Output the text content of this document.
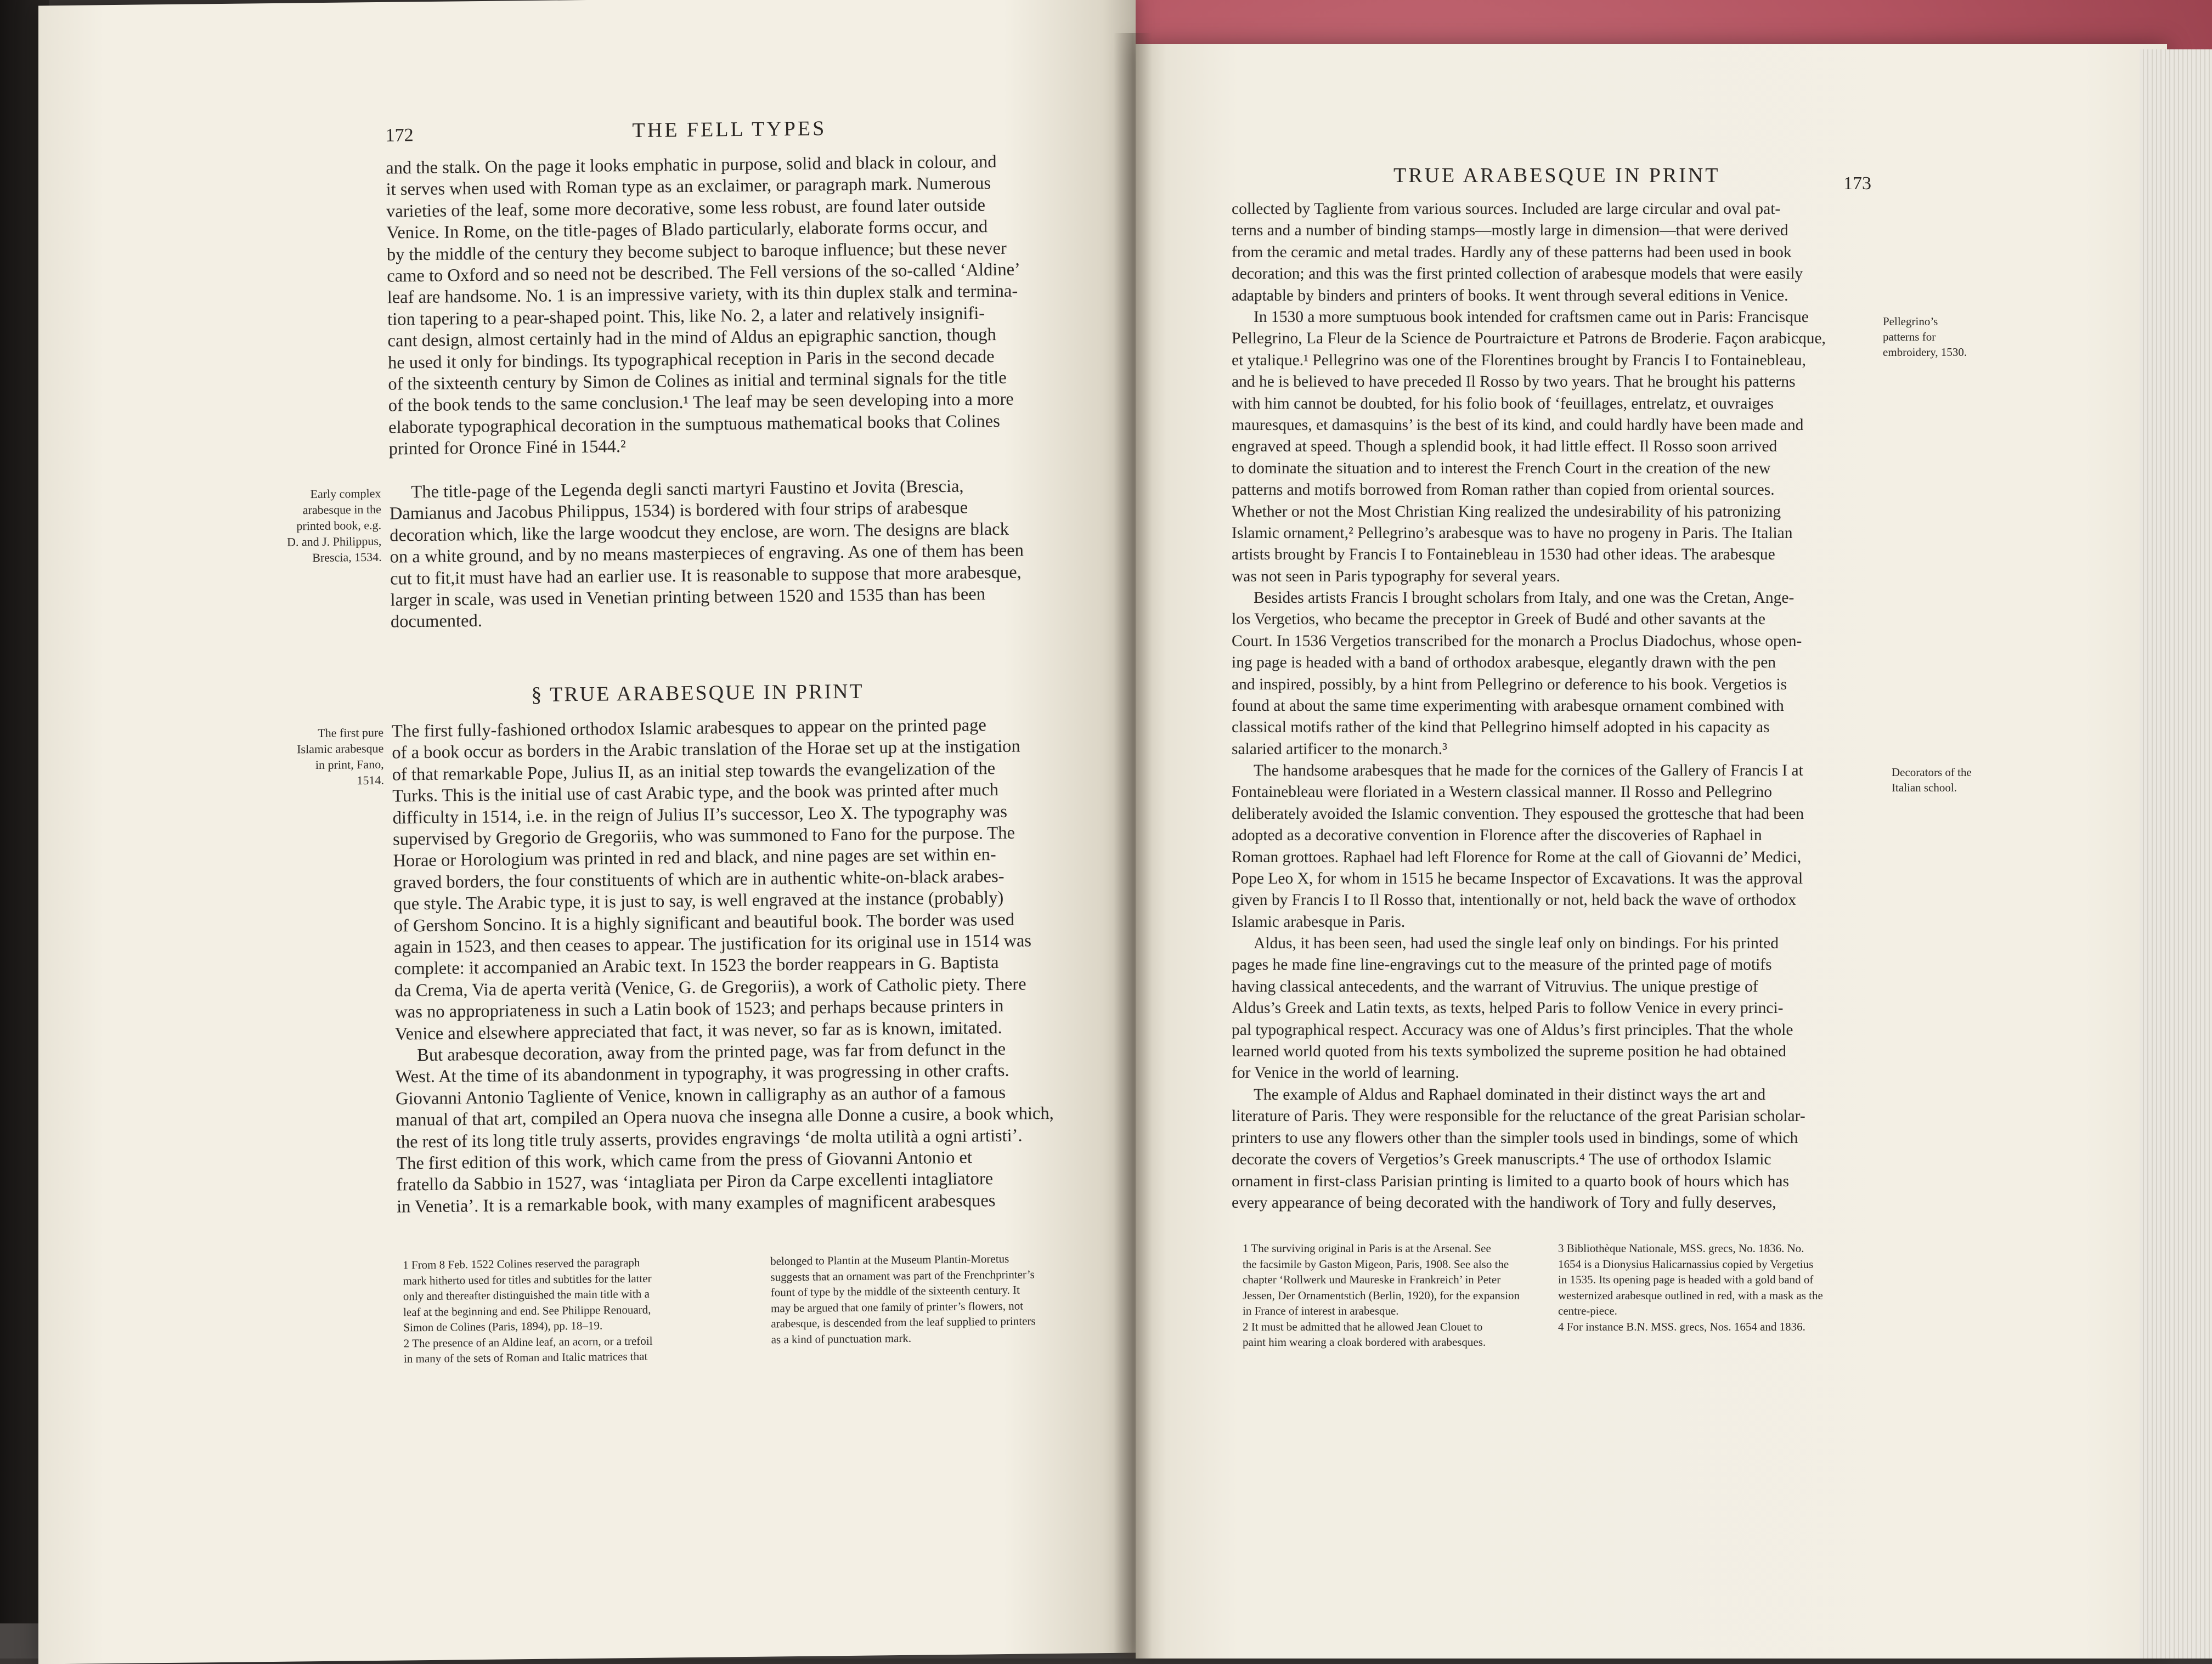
172	THE FELL TYPES
and the stalk. On the page it looks emphatic in purpose, solid and black in colour, and
it serves when used with Roman type as an exclaimer, or paragraph mark. Numerous
varieties of the leaf, some more decorative, some less robust, are found later outside
Venice. In Rome, on the title-pages of Blado particularly, elaborate forms occur, and
by the middle of the century they become subject to baroque influence; but these never
came to Oxford and so need not be described. The Fell versions of the so-called ‘Aldine’
leaf are handsome. No. 1 is an impressive variety, with its thin duplex stalk and termina-
tion tapering to a pear-shaped point. This, like No. 2, a later and relatively insignifi-
cant design, almost certainly had in the mind of Aldus an epigraphic sanction, though
he used it only for bindings. Its typographical reception in Paris in the second decade
of the sixteenth century by Simon de Colines as initial and terminal signals for the title
of the book tends to the same conclusion.¹ The leaf may be seen developing into a more
elaborate typographical decoration in the sumptuous mathematical books that Colines
printed for Oronce Finé in 1544.²
Early complex
arabesque in the
printed book, e.g.
D. and J. Philippus,
Brescia, 1534.
The title-page of the Legenda degli sancti martyri Faustino et Jovita (Brescia,
Damianus and Jacobus Philippus, 1534) is bordered with four strips of arabesque
decoration which, like the large woodcut they enclose, are worn. The designs are black
on a white ground, and by no means masterpieces of engraving. As one of them has been
cut to fit,it must have had an earlier use. It is reasonable to suppose that more arabesque,
larger in scale, was used in Venetian printing between 1520 and 1535 than has been
documented.
§ TRUE ARABESQUE IN PRINT
The first pure
Islamic arabesque
in print, Fano,
1514.
The first fully-fashioned orthodox Islamic arabesques to appear on the printed page
of a book occur as borders in the Arabic translation of the Horae set up at the instigation
of that remarkable Pope, Julius II, as an initial step towards the evangelization of the
Turks. This is the initial use of cast Arabic type, and the book was printed after much
difficulty in 1514, i.e. in the reign of Julius II’s successor, Leo X. The typography was
supervised by Gregorio de Gregoriis, who was summoned to Fano for the purpose. The
Horae or Horologium was printed in red and black, and nine pages are set within en-
graved borders, the four constituents of which are in authentic white-on-black arabes-
que style. The Arabic type, it is just to say, is well engraved at the instance (probably)
of Gershom Soncino. It is a highly significant and beautiful book. The border was used
again in 1523, and then ceases to appear. The justification for its original use in 1514 was
complete: it accompanied an Arabic text. In 1523 the border reappears in G. Baptista
da Crema, Via de aperta verità (Venice, G. de Gregoriis), a work of Catholic piety. There
was no appropriateness in such a Latin book of 1523; and perhaps because printers in
Venice and elsewhere appreciated that fact, it was never, so far as is known, imitated.
But arabesque decoration, away from the printed page, was far from defunct in the
West. At the time of its abandonment in typography, it was progressing in other crafts.
Giovanni Antonio Tagliente of Venice, known in calligraphy as an author of a famous
manual of that art, compiled an Opera nuova che insegna alle Donne a cusire, a book which,
the rest of its long title truly asserts, provides engravings ‘de molta utilità a ogni artisti’.
The first edition of this work, which came from the press of Giovanni Antonio et
fratello da Sabbio in 1527, was ‘intagliata per Piron da Carpe excellenti intagliatore
in Venetia’. It is a remarkable book, with many examples of magnificent arabesques
1 From 8 Feb. 1522 Colines reserved the paragraph
mark hitherto used for titles and subtitles for the latter
only and thereafter distinguished the main title with a
leaf at the beginning and end. See Philippe Renouard,
Simon de Colines (Paris, 1894), pp. 18–19.
2 The presence of an Aldine leaf, an acorn, or a trefoil
in many of the sets of Roman and Italic matrices that
belonged to Plantin at the Museum Plantin-Moretus
suggests that an ornament was part of the Frenchprinter’s
fount of type by the middle of the sixteenth century. It
may be argued that one family of printer’s flowers, not
arabesque, is descended from the leaf supplied to printers
as a kind of punctuation mark.
TRUE ARABESQUE IN PRINT	173
collected by Tagliente from various sources. Included are large circular and oval pat-
terns and a number of binding stamps—mostly large in dimension—that were derived
from the ceramic and metal trades. Hardly any of these patterns had been used in book
decoration; and this was the first printed collection of arabesque models that were easily
adaptable by binders and printers of books. It went through several editions in Venice.
In 1530 a more sumptuous book intended for craftsmen came out in Paris: Francisque
Pellegrino, La Fleur de la Science de Pourtraicture et Patrons de Broderie. Façon arabicque,
et ytalique.¹ Pellegrino was one of the Florentines brought by Francis I to Fontainebleau,
and he is believed to have preceded Il Rosso by two years. That he brought his patterns
with him cannot be doubted, for his folio book of ‘feuillages, entrelatz, et ouvraiges
mauresques, et damasquins’ is the best of its kind, and could hardly have been made and
engraved at speed. Though a splendid book, it had little effect. Il Rosso soon arrived
to dominate the situation and to interest the French Court in the creation of the new
patterns and motifs borrowed from Roman rather than copied from oriental sources.
Whether or not the Most Christian King realized the undesirability of his patronizing
Islamic ornament,² Pellegrino’s arabesque was to have no progeny in Paris. The Italian
artists brought by Francis I to Fontainebleau in 1530 had other ideas. The arabesque
was not seen in Paris typography for several years.
Pellegrino’s
patterns for
embroidery, 1530.
Besides artists Francis I brought scholars from Italy, and one was the Cretan, Ange-
los Vergetios, who became the preceptor in Greek of Budé and other savants at the
Court. In 1536 Vergetios transcribed for the monarch a Proclus Diadochus, whose open-
ing page is headed with a band of orthodox arabesque, elegantly drawn with the pen
and inspired, possibly, by a hint from Pellegrino or deference to his book. Vergetios is
found at about the same time experimenting with arabesque ornament combined with
classical motifs rather of the kind that Pellegrino himself adopted in his capacity as
salaried artificer to the monarch.³
The handsome arabesques that he made for the cornices of the Gallery of Francis I at
Fontainebleau were floriated in a Western classical manner. Il Rosso and Pellegrino
deliberately avoided the Islamic convention. They espoused the grottesche that had been
adopted as a decorative convention in Florence after the discoveries of Raphael in
Roman grottoes. Raphael had left Florence for Rome at the call of Giovanni de’ Medici,
Pope Leo X, for whom in 1515 he became Inspector of Excavations. It was the approval
given by Francis I to Il Rosso that, intentionally or not, held back the wave of orthodox
Islamic arabesque in Paris.
Decorators of the
Italian school.
Aldus, it has been seen, had used the single leaf only on bindings. For his printed
pages he made fine line-engravings cut to the measure of the printed page of motifs
having classical antecedents, and the warrant of Vitruvius. The unique prestige of
Aldus’s Greek and Latin texts, as texts, helped Paris to follow Venice in every princi-
pal typographical respect. Accuracy was one of Aldus’s first principles. That the whole
learned world quoted from his texts symbolized the supreme position he had obtained
for Venice in the world of learning.
The example of Aldus and Raphael dominated in their distinct ways the art and
literature of Paris. They were responsible for the reluctance of the great Parisian scholar-
printers to use any flowers other than the simpler tools used in bindings, some of which
decorate the covers of Vergetios’s Greek manuscripts.⁴ The use of orthodox Islamic
ornament in first-class Parisian printing is limited to a quarto book of hours which has
every appearance of being decorated with the handiwork of Tory and fully deserves,
1 The surviving original in Paris is at the Arsenal. See
the facsimile by Gaston Migeon, Paris, 1908. See also the
chapter ‘Rollwerk und Maureske in Frankreich’ in Peter
Jessen, Der Ornamentstich (Berlin, 1920), for the expansion
in France of interest in arabesque.
2 It must be admitted that he allowed Jean Clouet to
paint him wearing a cloak bordered with arabesques.
3 Bibliothèque Nationale, MSS. grecs, No. 1836. No.
1654 is a Dionysius Halicarnassius copied by Vergetius
in 1535. Its opening page is headed with a gold band of
westernized arabesque outlined in red, with a mask as the
centre-piece.
4 For instance B.N. MSS. grecs, Nos. 1654 and 1836.
